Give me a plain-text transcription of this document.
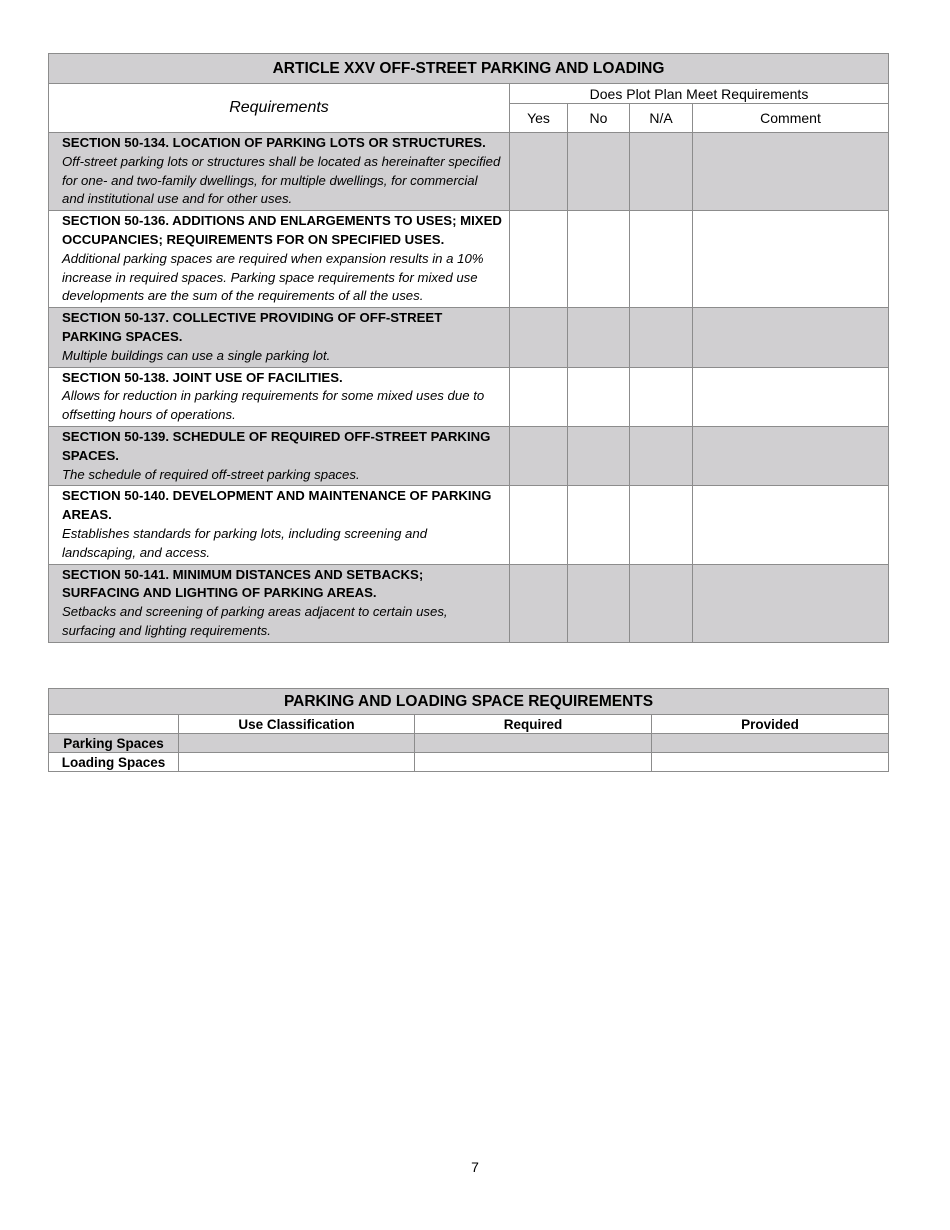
ARTICLE XXV OFF-STREET PARKING AND LOADING				
Requirements	Does Plot Plan Meet Requirements			
	Yes	No	N/A	Comment

SECTION 50-134. LOCATION OF PARKING LOTS OR STRUCTURES.
Off-street parking lots or structures shall be located as hereinafter specified for one- and two-family dwellings, for multiple dwellings, for commercial and institutional use and for other uses.				

SECTION 50-136. ADDITIONS AND ENLARGEMENTS TO USES; MIXED OCCUPANCIES; REQUIREMENTS FOR ON SPECIFIED USES.
Additional parking spaces are required when expansion results in a 10% increase in required spaces. Parking space requirements for mixed use developments are the sum of the requirements of all the uses.				

SECTION 50-137. COLLECTIVE PROVIDING OF OFF-STREET PARKING SPACES.
Multiple buildings can use a single parking lot.				

SECTION 50-138. JOINT USE OF FACILITIES.
Allows for reduction in parking requirements for some mixed uses due to offsetting hours of operations.				

SECTION 50-139. SCHEDULE OF REQUIRED OFF-STREET PARKING SPACES.
The schedule of required off-street parking spaces.				

SECTION 50-140. DEVELOPMENT AND MAINTENANCE OF PARKING AREAS.
Establishes standards for parking lots, including screening and landscaping, and access.				

SECTION 50-141. MINIMUM DISTANCES AND SETBACKS; SURFACING AND LIGHTING OF PARKING AREAS.
Setbacks and screening of parking areas adjacent to certain uses, surfacing and lighting requirements.				

PARKING AND LOADING SPACE REQUIREMENTS			
	Use Classification	Required	Provided
Parking Spaces			
Loading Spaces			
7
